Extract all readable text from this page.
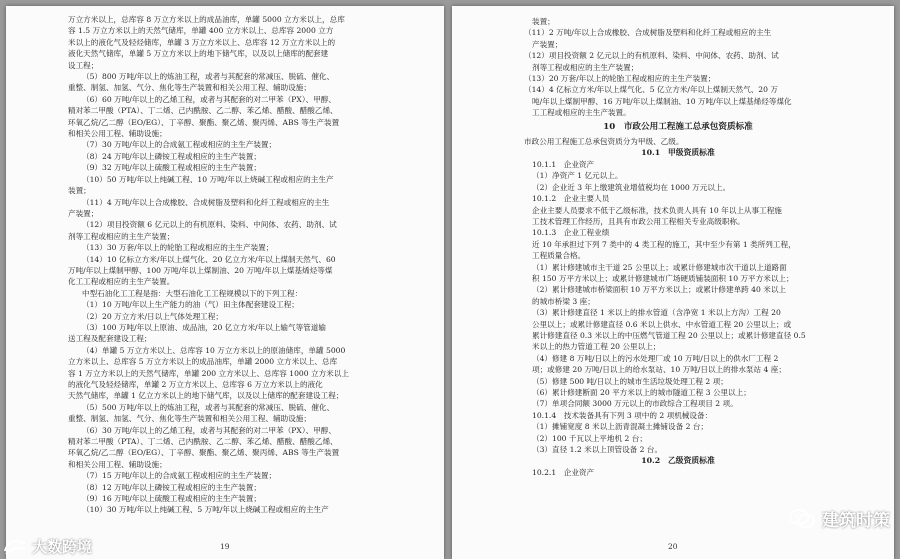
万立方米以上，总库容 8 万立方米以上的成品油库，单罐 5000 立方米以上，总库
容 1.5 万立方米以上的天然气储库，单罐 400 立方米以上、总库容 2000 立方
米以上的液化气及轻烃储库，单罐 3 万立方米以上、总库容 12 万立方米以上的
液化天然气储库，单罐 5 万立方米以上的地下储气库，以及以上储库的配套建
设工程；
（5）800 万吨/年以上的炼油工程，或者与其配套的常减压、脱硫、催化、
重整、制氢、加氢、气分、焦化等生产装置和相关公用工程、辅助设施；
（6）60 万吨/年以上的乙烯工程，或者与其配套的对二甲苯（PX）、甲醇、
精对苯二甲酸（PTA）、丁二烯、己内酰胺、乙二醇、苯乙烯、醋酸、醋酸乙烯、
环氧乙烷/乙二醇（EO/EG）、丁辛醇、聚酯、聚乙烯、聚丙烯、ABS 等生产装置
和相关公用工程、辅助设施；
（7）30 万吨/年以上的合成氨工程或相应的主生产装置；
（8）24 万吨/年以上磷铵工程或相应的主生产装置；
（9）32 万吨/年以上硫酸工程或相应的主生产装置；
（10）50 万吨/年以上纯碱工程、10 万吨/年以上烧碱工程或相应的主生产
装置；
（11）4 万吨/年以上合成橡胶、合成树脂及塑料和化纤工程或相应的主生
产装置；
（12）项目投资额 6 亿元以上的有机原料、染料、中间体、农药、助剂、试
剂等工程或相应的主生产装置；
（13）30 万套/年以上的轮胎工程或相应的主生产装置；
（14）10 亿标立方米/年以上煤气化、20 亿立方米/年以上煤制天然气、60
万吨/年以上煤制甲醇、100 万吨/年以上煤制油、20 万吨/年以上煤基烯烃等煤
化工工程或相应的主生产装置。
中型石油化工工程是指：大型石油化工工程规模以下的下列工程：
（1）10 万吨/年以上生产能力的油（气）田主体配套建设工程；
（2）20 万立方米/日以上气体处理工程；
（3）100 万吨/年以上原油、成品油，20 亿立方米/年以上输气等管道输
送工程及配套建设工程；
（4）单罐 5 万立方米以上、总库容 10 万立方米以上的原油储库，单罐 5000
立方米以上、总库容 5 万立方米以上的成品油库，单罐 2000 立方米以上、总库
容 1 万立方米以上的天然气储库，单罐 200 立方米以上、总库容 1000 立方米以上
的液化气及轻烃储库，单罐 2 万立方米以上、总库容 6 万立方米以上的液化
天然气储库，单罐 1 亿立方米以上的地下储气库，以及以上储库的配套建设工程；
（5）500 万吨/年以上的炼油工程，或者与其配套的常减压、脱硫、催化、
重整、制氢、加氢、气分、焦化等生产装置和相关公用工程、辅助设施；
（6）30 万吨/年以上的乙烯工程，或者与其配套的对二甲苯（PX）、甲醇、
精对苯二甲酸（PTA）、丁二烯、己内酰胺、乙二醇、苯乙烯、醋酸、醋酸乙烯、
环氧乙烷/乙二醇（EO/EG）、丁辛醇、聚酯、聚乙烯、聚丙烯、ABS 等生产装置
和相关公用工程、辅助设施；
（7）15 万吨/年以上的合成氨工程或相应的主生产装置；
（8）12 万吨/年以上磷铵工程或相应的主生产装置；
（9）16 万吨/年以上硫酸工程或相应的主生产装置；
（10）30 万吨/年以上纯碱工程、5 万吨/年以上烧碱工程或相应的主生产
19
装置；
（11）2 万吨/年以上合成橡胶、合成树脂及塑料和化纤工程或相应的主生
产装置；
（12）项目投资额 2 亿元以上的有机原料、染料、中间体、农药、助剂、试
剂等工程或相应的主生产装置；
（13）20 万套/年以上的轮胎工程或相应的主生产装置；
（14）4 亿标立方米/年以上煤气化、5 亿立方米/年以上煤制天然气、20 万
吨/年以上煤制甲醇、16 万吨/年以上煤制油、10 万吨/年以上煤基烯烃等煤化
工工程或相应的主生产装置。
10　市政公用工程施工总承包资质标准
市政公用工程施工总承包资质分为甲级、乙级。
10.1　甲级资质标准
10.1.1　企业资产
（1）净资产 1 亿元以上。
（2）企业近 3 年上缴建筑业增值税均在 1000 万元以上。
10.1.2　企业主要人员
企业主要人员要求不低于乙级标准，技术负责人具有 10 年以上从事工程施
工技术管理工作经历，且具有市政公用工程相关专业高级职称。
10.1.3　企业工程业绩
近 10 年承担过下列 7 类中的 4 类工程的施工，其中至少有第 1 类所列工程，
工程质量合格。
（1）累计修建城市主干道 25 公里以上；或累计修建城市次干道以上道路面
积 150 万平方米以上；或累计修建城市广场硬质铺装面积 10 万平方米以上；
（2）累计修建城市桥梁面积 10 万平方米以上；或累计修建单跨 40 米以上
的城市桥梁 3 座；
（3）累计修建直径 1 米以上的排水管道（含净宽 1 米以上方沟）工程 20
公里以上；或累计修建直径 0.6 米以上供水、中水管道工程 20 公里以上；或
累计修建直径 0.3 米以上的中压燃气管道工程 20 公里以上；或累计修建直径 0.5
米以上的热力管道工程 20 公里以上；
（4）修建 8 万吨/日以上的污水处理厂或 10 万吨/日以上的供水厂工程 2
项；或修建 20 万吨/日以上的给水泵站、10 万吨/日以上的排水泵站 4 座；
（5）修建 500 吨/日以上的城市生活垃圾处理工程 2 项；
（6）累计修建断面 20 平方米以上的城市隧道工程 3 公里以上；
（7）单项合同额 3000 万元以上的市政综合工程项目 2 项。
10.1.4　技术装备具有下列 3 项中的 2 项机械设备：
（1）摊铺宽度 8 米以上沥青混凝土摊铺设备 2 台；
（2）100 千瓦以上平地机 2 台；
（3）直径 1.2 米以上顶管设备 2 台。
10.2　乙级资质标准
10.2.1　企业资产
20
大数跨境
建筑时策
